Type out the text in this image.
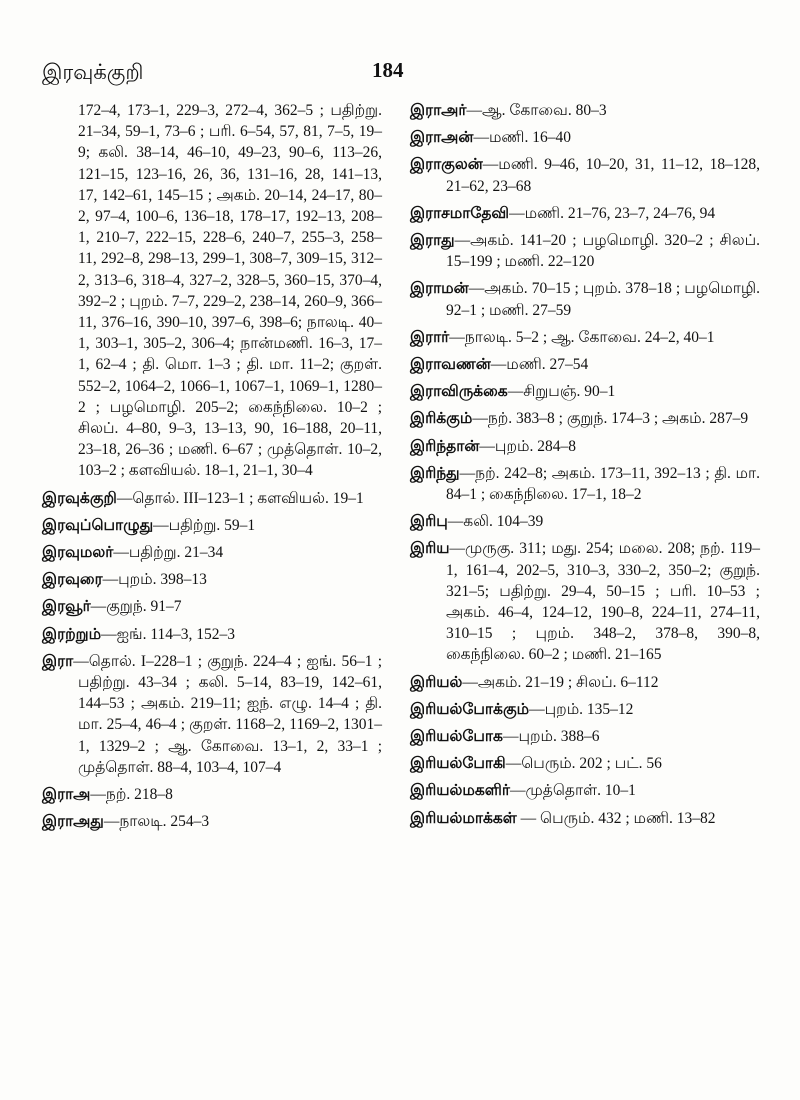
இரவுக்குறி	184
172–4, 173–1, 229–3, 272–4, 362–5 ; பதிற்று. 21–34, 59–1, 73–6 ; பரி. 6–54, 57, 81, 7–5, 19–9; கலி. 38–14, 46–10, 49–23, 90–6, 113–26, 121–15, 123–16, 26, 36, 131–16, 28, 141–13, 17, 142–61, 145–15 ; அகம். 20–14, 24–17, 80–2, 97–4, 100–6, 136–18, 178–17, 192–13, 208–1, 210–7, 222–15, 228–6, 240–7, 255–3, 258–11, 292–8, 298–13, 299–1, 308–7, 309–15, 312–2, 313–6, 318–4, 327–2, 328–5, 360–15, 370–4, 392–2 ; புறம். 7–7, 229–2, 238–14, 260–9, 366–11, 376–16, 390–10, 397–6, 398–6; நாலடி. 40–1, 303–1, 305–2, 306–4; நான்மணி. 16–3, 17–1, 62–4 ; தி. மொ. 1–3 ; தி. மா. 11–2; குறள். 552–2, 1064–2, 1066–1, 1067–1, 1069–1, 1280–2 ; பழமொழி. 205–2; கைந்நிலை. 10–2 ; சிலப். 4–80, 9–3, 13–13, 90, 16–188, 20–11, 23–18, 26–36 ; மணி. 6–67 ; முத்தொள். 10–2, 103–2 ; களவியல். 18–1, 21–1, 30–4
இரவுக்குறி—தொல். III–123–1 ; களவியல். 19–1
இரவுப்பொழுது—பதிற்று. 59–1
இரவுமலர்—பதிற்று. 21–34
இரவுரை—புறம். 398–13
இரவூர்—குறுந். 91–7
இரற்றும்—ஐங். 114–3, 152–3
இரா—தொல். I–228–1 ; குறுந். 224–4 ; ஐங். 56–1 ; பதிற்று. 43–34 ; கலி. 5–14, 83–19, 142–61, 144–53 ; அகம். 219–11; ஐந். எழு. 14–4 ; தி. மா. 25–4, 46–4 ; குறள். 1168–2, 1169–2, 1301–1, 1329–2 ; ஆ. கோவை. 13–1, 2, 33–1 ; முத்தொள். 88–4, 103–4, 107–4
இராஅ—நற். 218–8
இராஅது—நாலடி. 254–3
இராஅர்—ஆ. கோவை. 80–3
இராஅன்—மணி. 16–40
இராகுலன்—மணி. 9–46, 10–20, 31, 11–12, 18–128, 21–62, 23–68
இராசமாதேவி—மணி. 21–76, 23–7, 24–76, 94
இராது—அகம். 141–20 ; பழமொழி. 320–2 ; சிலப். 15–199 ; மணி. 22–120
இராமன்—அகம். 70–15 ; புறம். 378–18 ; பழமொழி. 92–1 ; மணி. 27–59
இரார்—நாலடி. 5–2 ; ஆ. கோவை. 24–2, 40–1
இராவணன்—மணி. 27–54
இராவிருக்கை—சிறுபஞ். 90–1
இரிக்கும்—நற். 383–8 ; குறுந். 174–3 ; அகம். 287–9
இரிந்தான்—புறம். 284–8
இரிந்து—நற். 242–8; அகம். 173–11, 392–13 ; தி. மா. 84–1 ; கைந்நிலை. 17–1, 18–2
இரிபு—கலி. 104–39
இரிய—முருகு. 311; மது. 254; மலை. 208; நற். 119–1, 161–4, 202–5, 310–3, 330–2, 350–2; குறுந். 321–5; பதிற்று. 29–4, 50–15 ; பரி. 10–53 ; அகம். 46–4, 124–12, 190–8, 224–11, 274–11, 310–15 ; புறம். 348–2, 378–8, 390–8, கைந்நிலை. 60–2 ; மணி. 21–165
இரியல்—அகம். 21–19 ; சிலப். 6–112
இரியல்போக்கும்—புறம். 135–12
இரியல்போக—புறம். 388–6
இரியல்போகி—பெரும். 202 ; பட். 56
இரியல்மகளிர்—முத்தொள். 10–1
இரியல்மாக்கள் — பெரும். 432 ; மணி. 13–82
